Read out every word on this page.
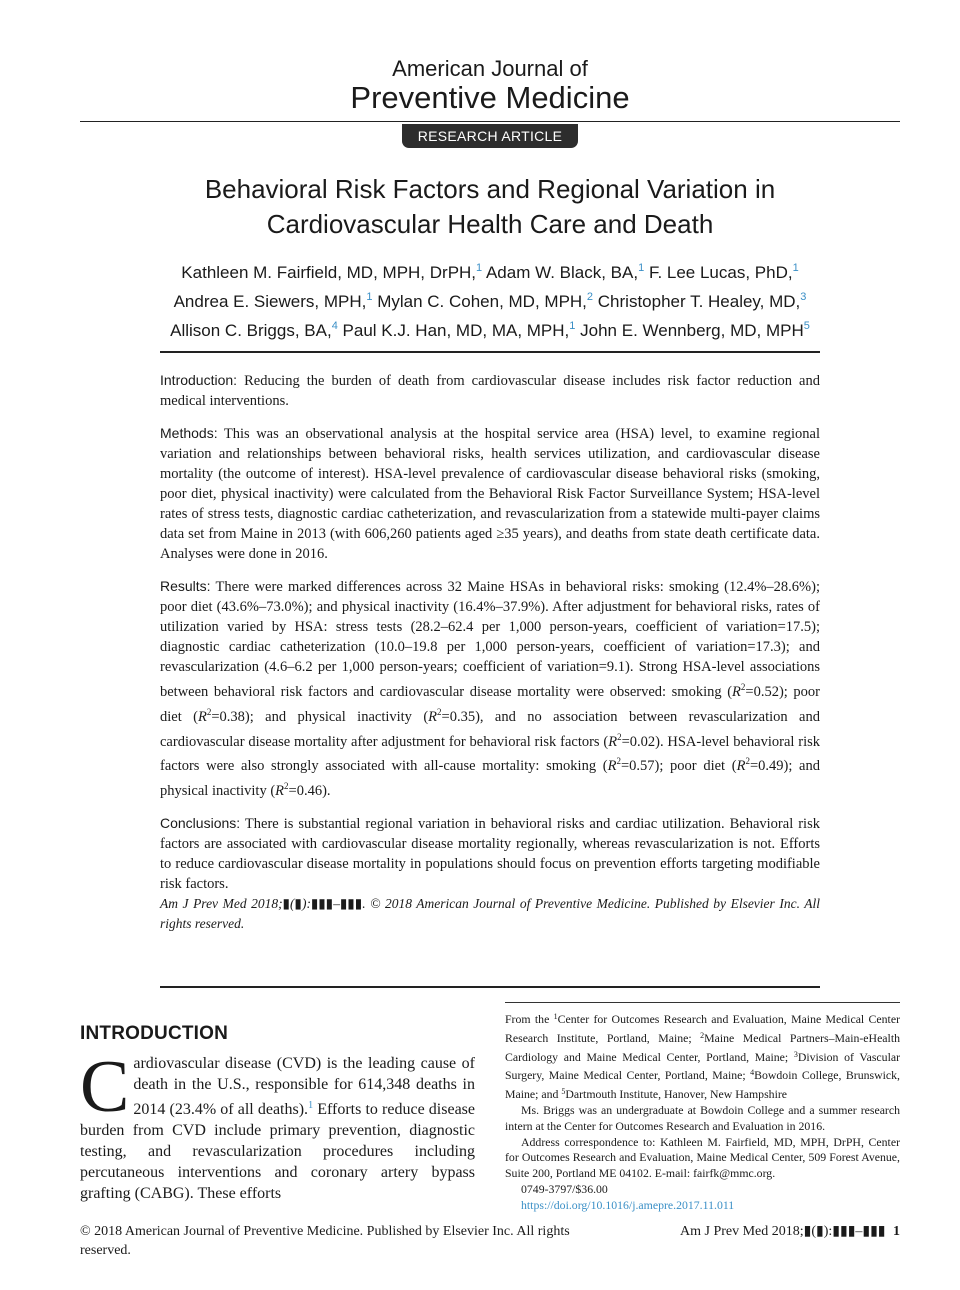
American Journal of
Preventive Medicine
RESEARCH ARTICLE
Behavioral Risk Factors and Regional Variation in
Cardiovascular Health Care and Death
Kathleen M. Fairfield, MD, MPH, DrPH,$^1$ Adam W. Black, BA,$^1$ F. Lee Lucas, PhD,$^1$
Andrea E. Siewers, MPH,$^1$ Mylan C. Cohen, MD, MPH,$^2$ Christopher T. Healey, MD,$^3$
Allison C. Briggs, BA,$^4$ Paul K.J. Han, MD, MA, MPH,$^1$ John E. Wennberg, MD, MPH$^5$

Introduction: Reducing the burden of death from cardiovascular disease includes risk factor reduction and medical interventions.

Methods: This was an observational analysis at the hospital service area (HSA) level, to examine regional variation and relationships between behavioral risks, health services utilization, and cardiovascular disease mortality (the outcome of interest). HSA-level prevalence of cardiovascular disease behavioral risks (smoking, poor diet, physical inactivity) were calculated from the Behavioral Risk Factor Surveillance System; HSA-level rates of stress tests, diagnostic cardiac catheterization, and revascularization from a statewide multi-payer claims data set from Maine in 2013 (with 606,260 patients aged ≥35 years), and deaths from state death certificate data. Analyses were done in 2016.

Results: There were marked differences across 32 Maine HSAs in behavioral risks: smoking (12.4%–28.6%); poor diet (43.6%–73.0%); and physical inactivity (16.4%–37.9%). After adjustment for behavioral risks, rates of utilization varied by HSA: stress tests (28.2–62.4 per 1,000 person-years, coefficient of variation=17.5); diagnostic cardiac catheterization (10.0–19.8 per 1,000 person-years, coefficient of variation=17.3); and revascularization (4.6–6.2 per 1,000 person-years; coefficient of variation=9.1). Strong HSA-level associations between behavioral risk factors and cardiovascular disease mortality were observed: smoking $(R^2=0.52)$; poor diet $(R^2=0.38)$; and physical inactivity $(R^2=0.35)$, and no association between revascularization and cardiovascular disease mortality after adjustment for behavioral risk factors $(R^2=0.02)$. HSA-level behavioral risk factors were also strongly associated with all-cause mortality: smoking $(R^2=0.57)$; poor diet $(R^2=0.49)$; and physical inactivity $(R^2=0.46)$.

Conclusions: There is substantial regional variation in behavioral risks and cardiac utilization. Behavioral risk factors are associated with cardiovascular disease mortality regionally, whereas revascularization is not. Efforts to reduce cardiovascular disease mortality in populations should focus on prevention efforts targeting modifiable risk factors.

Am J Prev Med 2018;▮(▮):▮▮▮–▮▮▮. © 2018 American Journal of Preventive Medicine. Published by Elsevier Inc. All rights reserved.
INTRODUCTION
Cardiovascular disease (CVD) is the leading cause of death in the U.S., responsible for 614,348 deaths in 2014 (23.4% of all deaths).$^1$ Efforts to reduce disease burden from CVD include primary prevention, diagnostic testing, and revascularization procedures including percutaneous interventions and coronary artery bypass grafting (CABG). These efforts

From the $^1$Center for Outcomes Research and Evaluation, Maine Medical Center Research Institute, Portland, Maine; $^2$Maine Medical Partners–Main-eHealth Cardiology and Maine Medical Center, Portland, Maine; $^3$Division of Vascular Surgery, Maine Medical Center, Portland, Maine; $^4$Bowdoin College, Brunswick, Maine; and $^5$Dartmouth Institute, Hanover, New Hampshire

Ms. Briggs was an undergraduate at Bowdoin College and a summer research intern at the Center for Outcomes Research and Evaluation in 2016.

Address correspondence to: Kathleen M. Fairfield, MD, MPH, DrPH, Center for Outcomes Research and Evaluation, Maine Medical Center, 509 Forest Avenue, Suite 200, Portland ME 04102. E-mail: fairfk@mmc.org.

0749-3797/$36.00

https://doi.org/10.1016/j.amepre.2017.11.011

© 2018 American Journal of Preventive Medicine. Published by Elsevier Inc. All rights reserved.
Am J Prev Med 2018;▮(▮):▮▮▮–▮▮▮ 1
